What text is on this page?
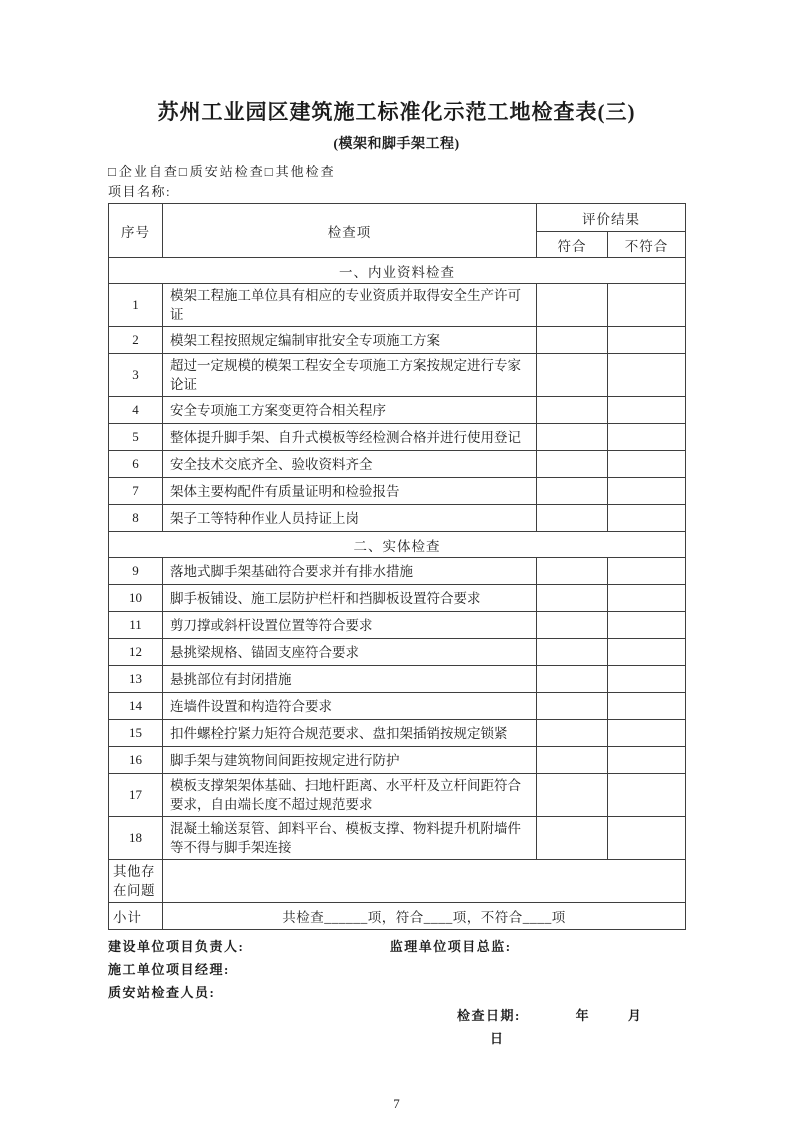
苏州工业园区建筑施工标准化示范工地检查表(三)
(模架和脚手架工程)
□企业自查□质安站检查□其他检查
项目名称:
序号	检查项	评价结果	
		符合	不符合
一、内业资料检查			
1	模架工程施工单位具有相应的专业资质并取得安全生产许可证		
2	模架工程按照规定编制审批安全专项施工方案		
3	超过一定规模的模架工程安全专项施工方案按规定进行专家论证		
4	安全专项施工方案变更符合相关程序		
5	整体提升脚手架、自升式模板等经检测合格并进行使用登记		
6	安全技术交底齐全、验收资料齐全		
7	架体主要构配件有质量证明和检验报告		
8	架子工等特种作业人员持证上岗		
二、实体检查			
9	落地式脚手架基础符合要求并有排水措施		
10	脚手板铺设、施工层防护栏杆和挡脚板设置符合要求		
11	剪刀撑或斜杆设置位置等符合要求		
12	悬挑梁规格、锚固支座符合要求		
13	悬挑部位有封闭措施		
14	连墙件设置和构造符合要求		
15	扣件螺栓拧紧力矩符合规范要求、盘扣架插销按规定锁紧		
16	脚手架与建筑物间间距按规定进行防护		
17	模板支撑架架体基础、扫地杆距离、水平杆及立杆间距符合要求，自由端长度不超过规范要求		
18	混凝土输送泵管、卸料平台、模板支撑、物料提升机附墙件等不得与脚手架连接		
其他存在问题			
小计	共检查______项，符合____项，不符合____项		
建设单位项目负责人:	监理单位项目总监:
施工单位项目经理:
质安站检查人员:
检查日期:	年	月 日
7
